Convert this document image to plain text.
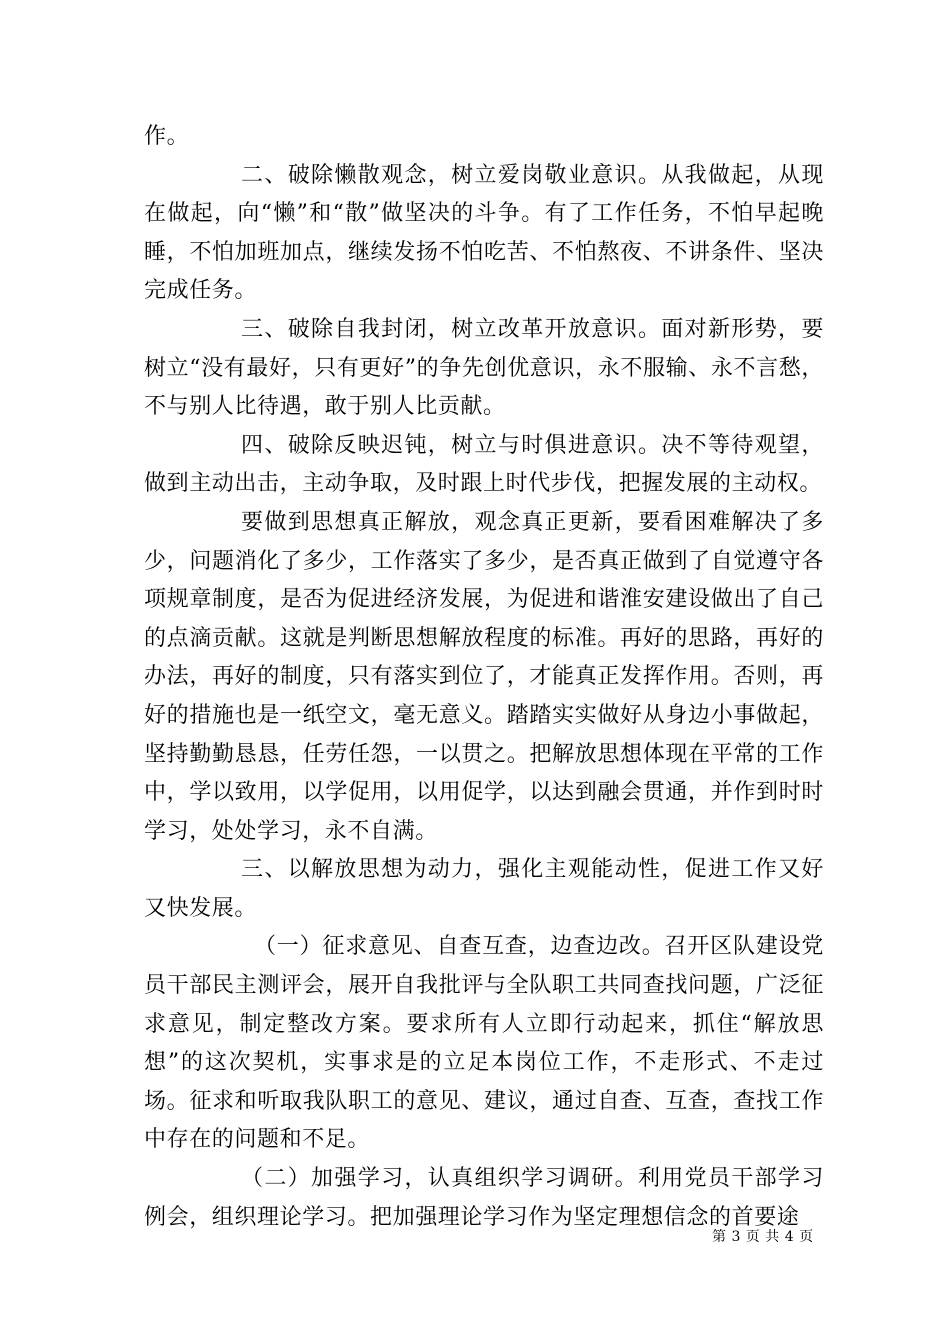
作。

二、破除懒散观念，树立爱岗敬业意识。从我做起，从现在做起，向“懒”和“散”做坚决的斗争。有了工作任务，不怕早起晚睡，不怕加班加点，继续发扬不怕吃苦、不怕熬夜、不讲条件、坚决完成任务。

三、破除自我封闭，树立改革开放意识。面对新形势，要树立“没有最好，只有更好”的争先创优意识，永不服输、永不言愁，不与别人比待遇，敢于别人比贡献。

四、破除反映迟钝，树立与时俱进意识。决不等待观望，做到主动出击，主动争取，及时跟上时代步伐，把握发展的主动权。

要做到思想真正解放，观念真正更新，要看困难解决了多少，问题消化了多少，工作落实了多少，是否真正做到了自觉遵守各项规章制度，是否为促进经济发展，为促进和谐淮安建设做出了自己的点滴贡献。这就是判断思想解放程度的标准。再好的思路，再好的办法，再好的制度，只有落实到位了，才能真正发挥作用。否则，再好的措施也是一纸空文，毫无意义。踏踏实实做好从身边小事做起，坚持勤勤恳恳，任劳任怨，一以贯之。把解放思想体现在平常的工作中，学以致用，以学促用，以用促学，以达到融会贯通，并作到时时学习，处处学习，永不自满。

三、以解放思想为动力，强化主观能动性，促进工作又好又快发展。

（一）征求意见、自查互查，边查边改。召开区队建设党员干部民主测评会，展开自我批评与全队职工共同查找问题，广泛征求意见，制定整改方案。要求所有人立即行动起来，抓住“解放思想”的这次契机，实事求是的立足本岗位工作，不走形式、不走过场。征求和听取我队职工的意见、建议，通过自查、互查，查找工作中存在的问题和不足。

（二）加强学习，认真组织学习调研。利用党员干部学习例会，组织理论学习。把加强理论学习作为坚定理想信念的首要途

第 3 页 共 4 页
